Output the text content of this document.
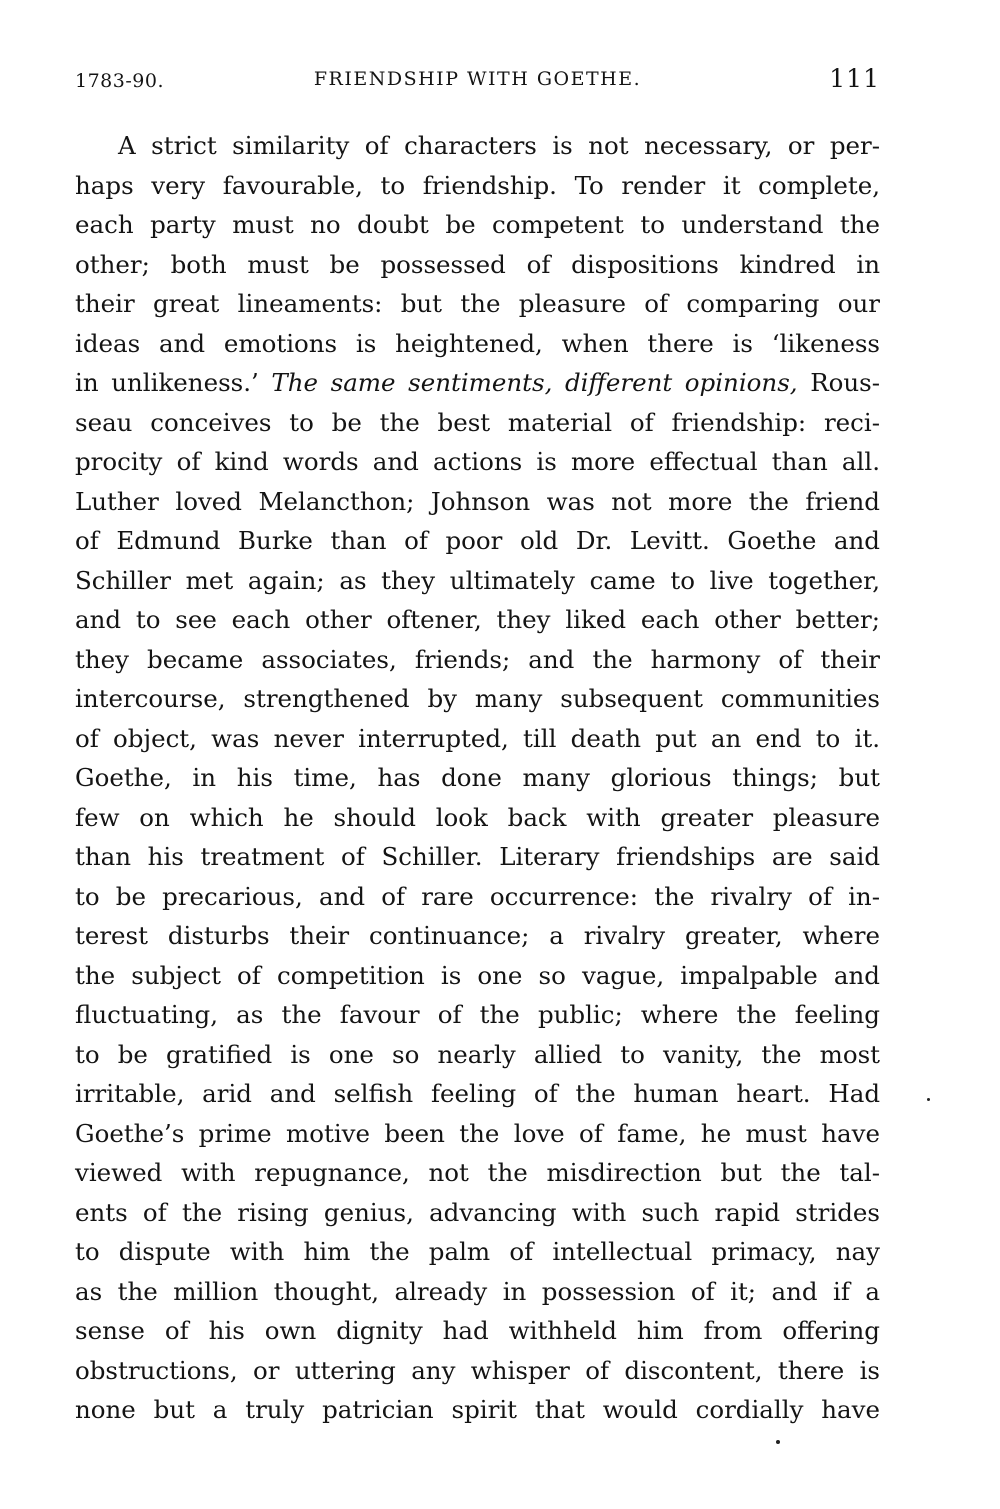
1783-90.	FRIENDSHIP WITH GOETHE.	111
A strict similarity of characters is not necessary, or per-
haps very favourable, to friendship. To render it complete,
each party must no doubt be competent to understand the
other; both must be possessed of dispositions kindred in
their great lineaments: but the pleasure of comparing our
ideas and emotions is heightened, when there is ‘likeness
in unlikeness.’ The same sentiments, different opinions, Rous-
seau conceives to be the best material of friendship: reci-
procity of kind words and actions is more effectual than all.
Luther loved Melancthon; Johnson was not more the friend
of Edmund Burke than of poor old Dr. Levitt. Goethe and
Schiller met again; as they ultimately came to live together,
and to see each other oftener, they liked each other better;
they became associates, friends; and the harmony of their
intercourse, strengthened by many subsequent communities
of object, was never interrupted, till death put an end to it.
Goethe, in his time, has done many glorious things; but
few on which he should look back with greater pleasure
than his treatment of Schiller. Literary friendships are said
to be precarious, and of rare occurrence: the rivalry of in-
terest disturbs their continuance; a rivalry greater, where
the subject of competition is one so vague, impalpable and
fluctuating, as the favour of the public; where the feeling
to be gratified is one so nearly allied to vanity, the most
irritable, arid and selfish feeling of the human heart. Had
Goethe’s prime motive been the love of fame, he must have
viewed with repugnance, not the misdirection but the tal-
ents of the rising genius, advancing with such rapid strides
to dispute with him the palm of intellectual primacy, nay
as the million thought, already in possession of it; and if a
sense of his own dignity had withheld him from offering
obstructions, or uttering any whisper of discontent, there is
none but a truly patrician spirit that would cordially have
